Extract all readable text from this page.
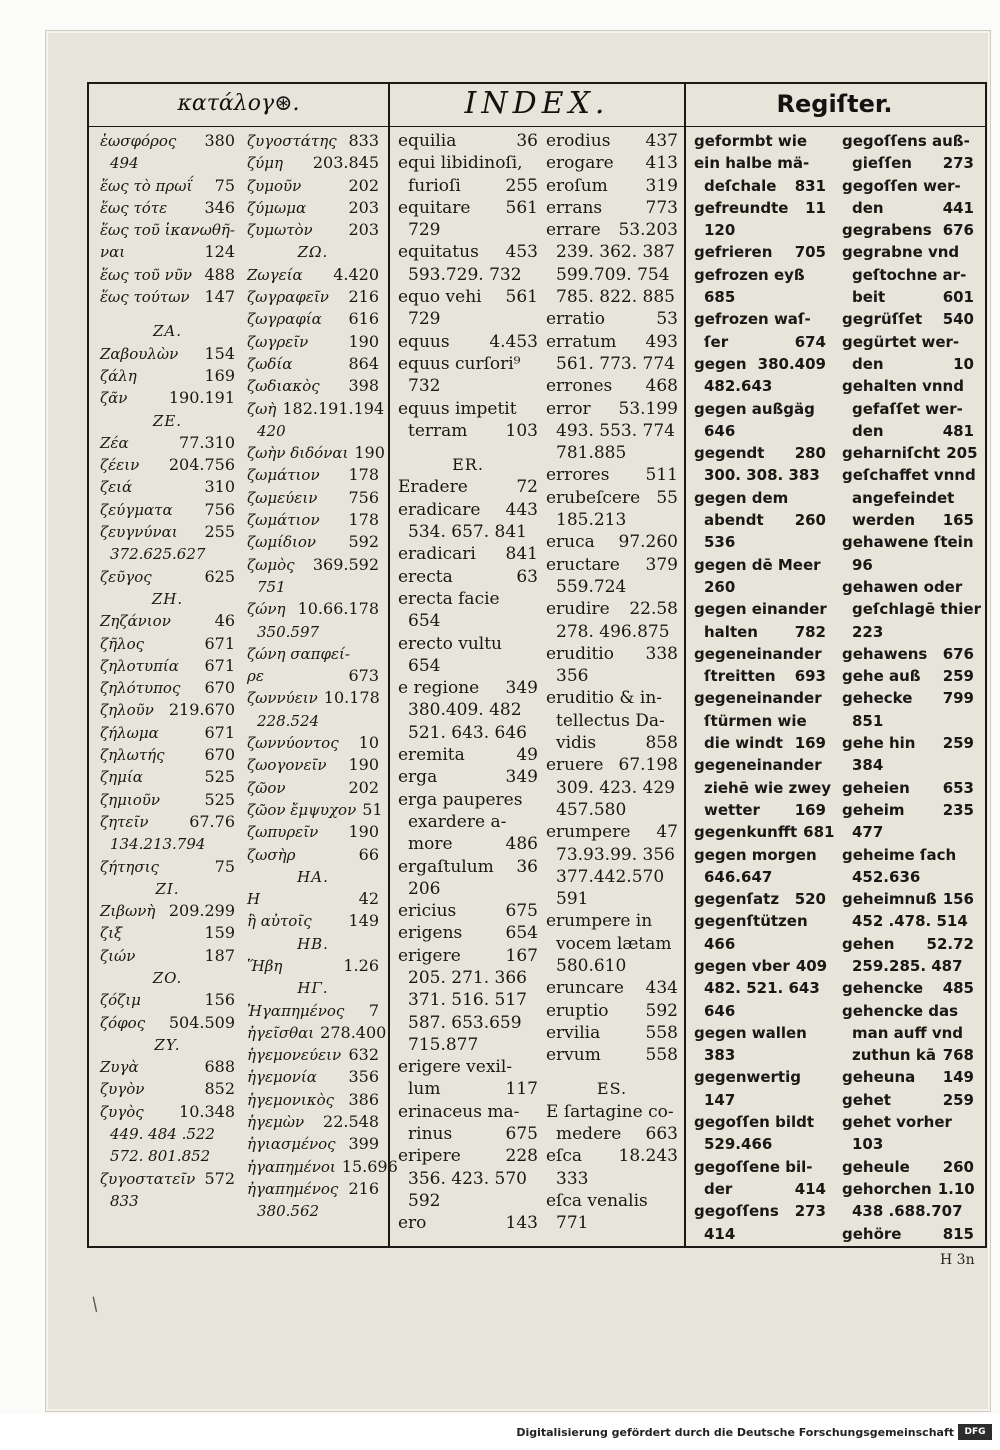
κατάλογ⊛.	INDEX.	Regiſter.
ἑωσφόρος	380
494
ἕως τὸ πρωΐ	75
ἕως τότε	346
ἕως τοῦ ἱκανωθῆ-
ναι	124
ἕως τοῦ νῦν 488
ἕως τούτων 147
ZA.
Ζαβουλὼν	154
ζάλη	169
ζᾶν	190.191
ZE.
Ζέα	77.310
ζέειν	204.756
ζειά	310
ζεύγματα	756
ζευγνύναι	255
372.625.627
ζεῦγος	625
ZH.
Ζηζάνιον	46
ζῆλος	671
ζηλοτυπία	671
ζηλότυπος	670
ζηλοῦν 219.670
ζήλωμα	671
ζηλωτής	670
ζημία	525
ζημιοῦν	525
ζητεῖν	67.76
134.213.794
ζήτησις	75
ZI.
Ζιβωνὴ 209.299
ζιξ	159
ζιών	187
ZO.
ζόζιμ	156
ζόφος	504.509
ZY.
Ζυγὰ	688
ζυγὸν	852
ζυγὸς	10.348
449. 484 .522
572. 801.852
ζυγοστατεῖν 572
833
ζυγοστάτης 833
ζύμη	203.845
ζυμοῦν	202
ζύμωμα	203
ζυμωτὸν	203
ZΩ.
Ζωγεία	4.420
ζωγραφεῖν	216
ζωγραφία	616
ζωγρεῖν	190
ζωδία	864
ζωδιακὸς	398
ζωὴ 182.191.194
420
ζωὴν διδόναι 190
ζωμάτιον	178
ζωμεύειν	756
ζωμάτιον	178
ζωμίδιον	592
ζωμὸς	369.592
751
ζώνη 10.66.178
350.597
ζώνη σαπφεί-
ρε	673
ζωννύειν 10.178
228.524
ζωννύοντος	10
ζωογονεῖν	190
ζῶον	202
ζῶον ἔμψυχον 51
ζωπυρεῖν	190
ζωσὴρ	66
HA.
H	42
ἢ αὐτοῖς	149
HB.
Ἥβη	1.26
HΓ.
Ἠγαπημένος	7
ἠγεῖσθαι 278.400
ἡγεμονεύειν 632
ἡγεμονία	356
ἡγεμονικὸς 386
ἡγεμὼν	22.548
ἡγιασμένος 399
ἠγαπημένοι 15.696
ἠγαπημένος 216
380.562
equilia	36
equi libidinoſi,
furioſi	255
equitare	561
729
equitatus	453
593.729. 732
equo vehi	561
729
equus	4.453
equus curſori⁹
732
equus impetit
terram	103
ER.
Eradere	72
eradicare	443
534. 657. 841
eradicari	841
erecta	63
erecta facie
654
erecto vultu
654
e regione	349
380.409. 482
521. 643. 646
eremita	49
erga	349
erga pauperes
exardere a-
more	486
ergaſtulum	36
206
ericius	675
erigens	654
erigere	167
205. 271. 366
371. 516. 517
587. 653.659
715.877
erigere vexil-
lum	117
erinaceus ma-
rinus	675
eripere	228
356. 423. 570
592
ero	143
erodius	437
erogare	413
eroſum	319
errans	773
errare	53.203
239. 362. 387
599.709. 754
785. 822. 885
erratio	53
erratum	493
561. 773. 774
errones	468
error	53.199
493. 553. 774
781.885
errores	511
erubeſcere 55
185.213
eruca	97.260
eructare	379
559.724
erudire	22.58
278. 496.875
eruditio	338
356
eruditio & in-
tellectus Da-
vidis	858
eruere 67.198
309. 423. 429
457.580
erumpere	47
73.93.99. 356
377.442.570
591
erumpere in
vocem lætam
580.610
eruncare	434
eruptio	592
ervilia	558
ervum	558
ES.
E ſartagine co-
medere	663
eſca	18.243
333
eſca venalis
771
geformbt wie
ein halbe mä-
deſchale	831
gefreundte	11
120
gefrieren	705
gefrozen eyß
685
gefrozen waſ-
ſer	674
gegen 380.409
482.643
gegen außgäg
646
gegendt	280
300. 308. 383
gegen dem
abendt	260
536
gegen dē Meer
260
gegen einander
halten	782
gegeneinander
ſtreitten	693
gegeneinander
ſtürmen wie
die windt 169
gegeneinander
ziehē wie zwey
wetter	169
gegenkunfft 681
gegen morgen
646.647
gegenſatz	520
gegenſtützen
466
gegen vber 409
482. 521. 643
646
gegen wallen
383
gegenwertig
147
gegoſſen bildt
529.466
gegoſſene bil-
der	414
gegoſſens	273
414
gegoſſens auß-
gieſſen	273
gegoſſen wer-
den	441
gegrabens 676
gegrabne vnd
geſtochne ar-
beit	601
gegrüſſet	540
gegürtet wer-
den	10
gehalten vnnd
gefaſſet wer-
den	481
geharniſcht 205
geſchaffet vnnd
angefeindet
werden	165
gehawene ſtein
96
gehawen oder
geſchlagē thier
223
gehawens	676
gehe auß	259
gehecke	799
851
gehe hin	259
384
geheien	653
geheim	235
477
geheime ſach
452.636
geheimnuß 156
452 .478. 514
gehen	52.72
259.285. 487
gehencke	485
gehencke das
man auff vnd
zuthun kā 768
geheuna	149
gehet	259
gehet vorher
103
geheule	260
gehorchen 1.10
438 .688.707
gehöre	815
H 3n
/
Digitalisierung gefördert durch die Deutsche Forschungsgemeinschaft	DFG
